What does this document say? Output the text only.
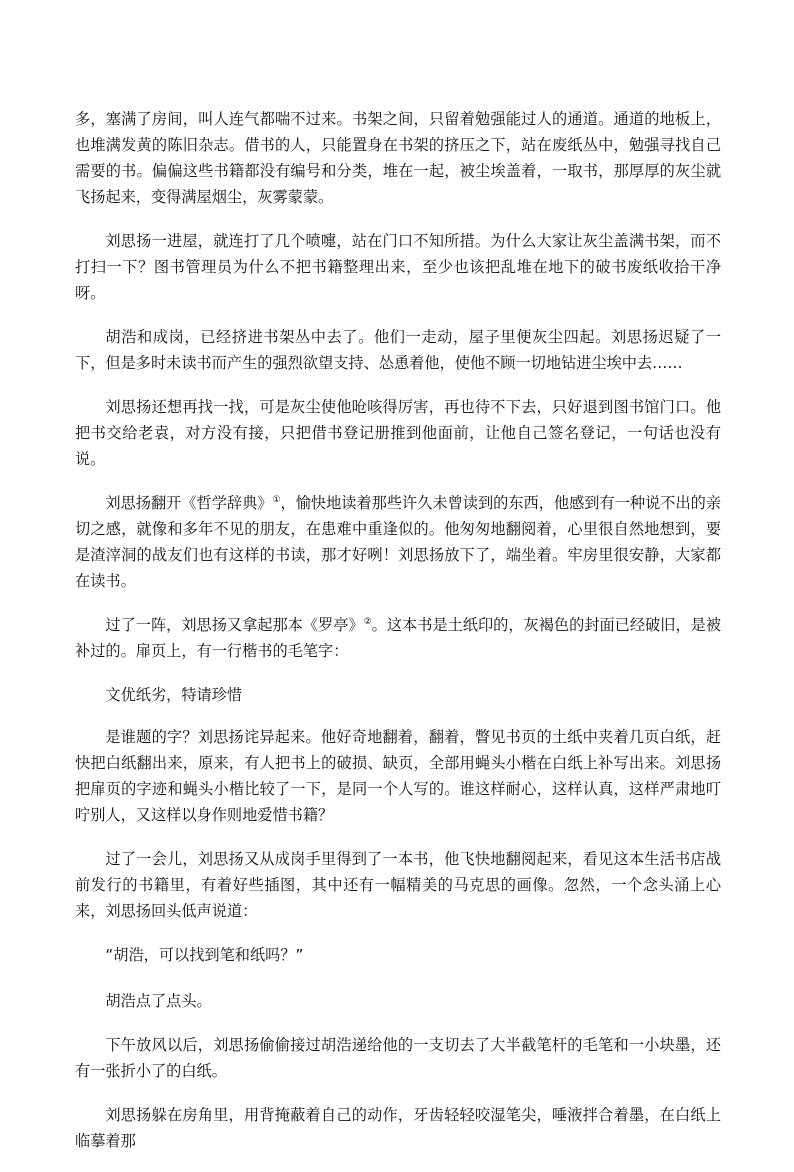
多，塞满了房间，叫人连气都喘不过来。书架之间，只留着勉强能过人的通道。通道的地板上，也堆满发黄的陈旧杂志。借书的人，只能置身在书架的挤压之下，站在废纸丛中，勉强寻找自己需要的书。偏偏这些书籍都没有编号和分类，堆在一起，被尘埃盖着，一取书，那厚厚的灰尘就飞扬起来，变得满屋烟尘，灰雾蒙蒙。

刘思扬一进屋，就连打了几个喷嚏，站在门口不知所措。为什么大家让灰尘盖满书架，而不打扫一下？图书管理员为什么不把书籍整理出来，至少也该把乱堆在地下的破书废纸收拾干净呀。

胡浩和成岗，已经挤进书架丛中去了。他们一走动，屋子里便灰尘四起。刘思扬迟疑了一下，但是多时未读书而产生的强烈欲望支持、怂恿着他，使他不顾一切地钻进尘埃中去……

刘思扬还想再找一找，可是灰尘使他呛咳得厉害，再也待不下去，只好退到图书馆门口。他把书交给老袁，对方没有接，只把借书登记册推到他面前，让他自己签名登记，一句话也没有说。

刘思扬翻开《哲学辞典》①，愉快地读着那些许久未曾读到的东西，他感到有一种说不出的亲切之感，就像和多年不见的朋友，在患难中重逢似的。他匆匆地翻阅着，心里很自然地想到，要是渣滓洞的战友们也有这样的书读，那才好咧！刘思扬放下了，端坐着。牢房里很安静，大家都在读书。

过了一阵，刘思扬又拿起那本《罗亭》②。这本书是土纸印的，灰褐色的封面已经破旧，是被补过的。扉页上，有一行楷书的毛笔字：

文优纸劣，特请珍惜

是谁题的字？刘思扬诧异起来。他好奇地翻着，翻着，瞥见书页的土纸中夹着几页白纸，赶快把白纸翻出来，原来，有人把书上的破损、缺页，全部用蝇头小楷在白纸上补写出来。刘思扬把扉页的字迹和蝇头小楷比较了一下，是同一个人写的。谁这样耐心，这样认真，这样严肃地叮咛别人，又这样以身作则地爱惜书籍？

过了一会儿，刘思扬又从成岗手里得到了一本书，他飞快地翻阅起来，看见这本生活书店战前发行的书籍里，有着好些插图，其中还有一幅精美的马克思的画像。忽然，一个念头涌上心来，刘思扬回头低声说道：

“胡浩，可以找到笔和纸吗？”

胡浩点了点头。

下午放风以后，刘思扬偷偷接过胡浩递给他的一支切去了大半截笔杆的毛笔和一小块墨，还有一张折小了的白纸。

刘思扬躲在房角里，用背掩蔽着自己的动作，牙齿轻轻咬湿笔尖，唾液拌合着墨，在白纸上临摹着那
